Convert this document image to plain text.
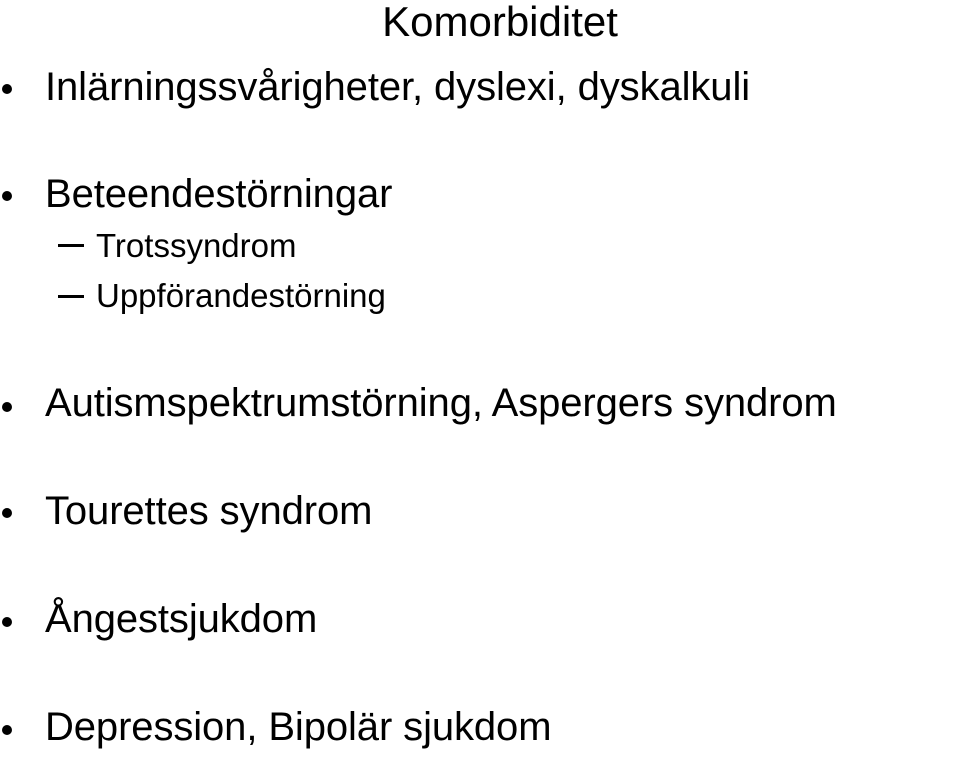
Komorbiditet
Inlärningssvårigheter, dyslexi, dyskalkuli
Beteendestörningar
Trotssyndrom
Uppförandestörning
Autismspektrumstörning, Aspergers syndrom
Tourettes syndrom
Ångestsjukdom
Depression, Bipolär sjukdom
